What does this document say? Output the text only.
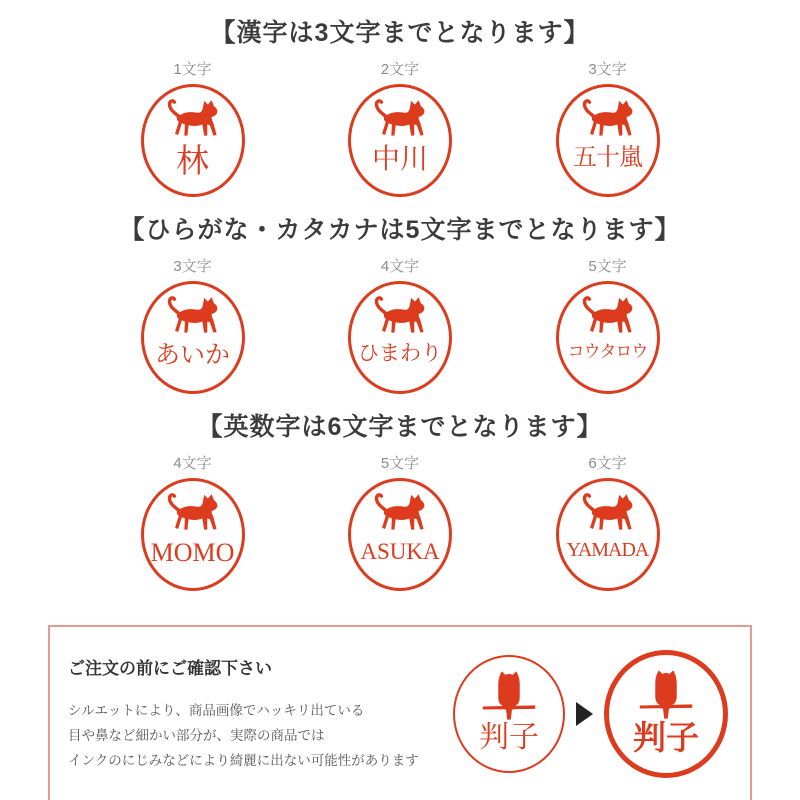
【漢字は3文字までとなります】
1文字
林
2文字
中川
3文字
五十嵐
【ひらがな・カタカナは5文字までとなります】
3文字
あいか
4文字
ひまわり
5文字
コウタロウ
【英数字は6文字までとなります】
4文字
MOMO
5文字
ASUKA
6文字
YAMADA
ご注文の前にご確認下さい

シルエットにより、商品画像でハッキリ出ている

目や鼻など細かい部分が、実際の商品では

インクのにじみなどにより綺麗に出ない可能性があります

判子	判子
